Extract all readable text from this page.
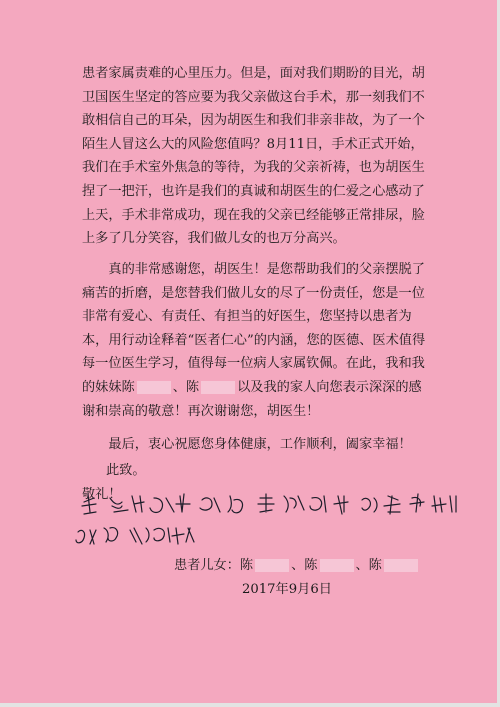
患者家属责难的心里压力。但是，面对我们期盼的目光，胡卫国医生坚定的答应要为我父亲做这台手术，那一刻我们不敢相信自己的耳朵，因为胡医生和我们非亲非故，为了一个陌生人冒这么大的风险您值吗？8月11日，手术正式开始，我们在手术室外焦急的等待，为我的父亲祈祷，也为胡医生捏了一把汗，也许是我们的真诚和胡医生的仁爱之心感动了上天，手术非常成功，现在我的父亲已经能够正常排尿，脸上多了几分笑容，我们做儿女的也万分高兴。
真的非常感谢您，胡医生！是您帮助我们的父亲摆脱了痛苦的折磨，是您替我们做儿女的尽了一份责任，您是一位非常有爱心、有责任、有担当的好医生，您坚持以患者为本，用行动诠释着“医者仁心”的内涵，您的医德、医术值得每一位医生学习，值得每一位病人家属钦佩。在此，我和我的妹妹陈	、陈	以及我的家人向您表示深深的感谢和崇高的敬意！再次谢谢您，胡医生！
最后，衷心祝愿您身体健康，工作顺利，阖家幸福！
此致。
敬礼！
患者儿女：陈	、陈	、陈
2017年9月6日
